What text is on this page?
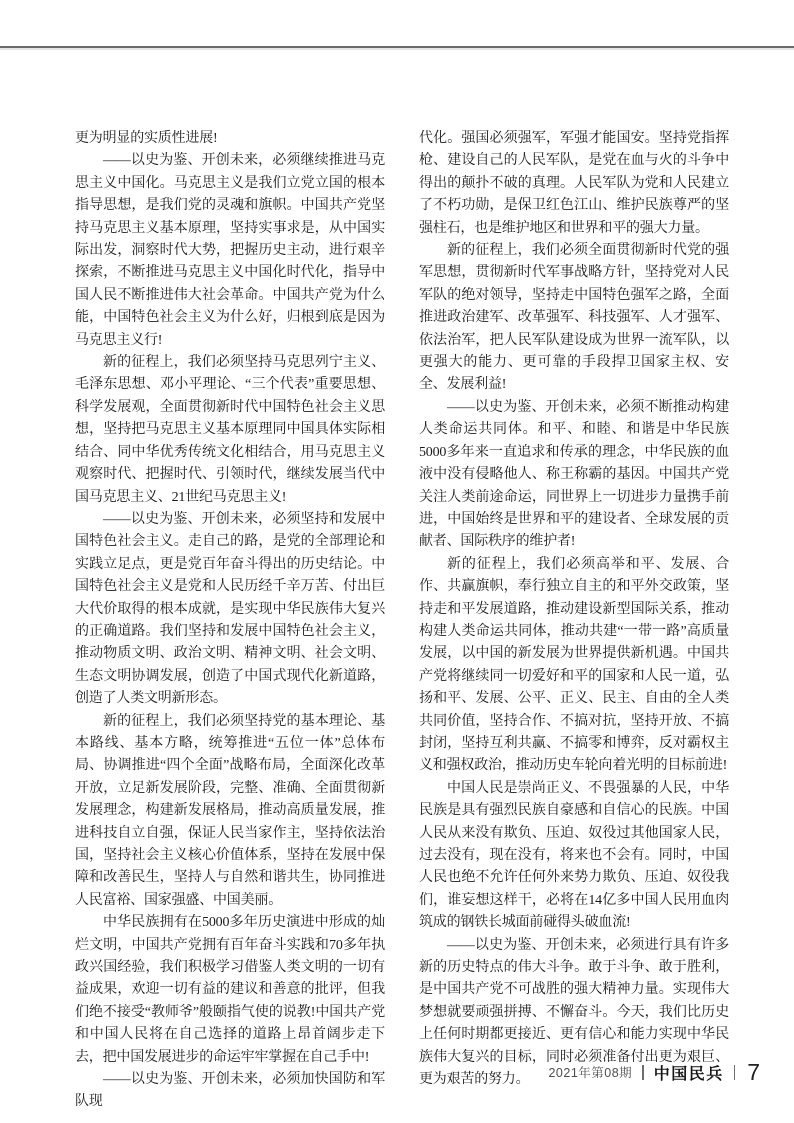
更为明显的实质性进展!

——以史为鉴、开创未来，必须继续推进马克思主义中国化。马克思主义是我们立党立国的根本指导思想，是我们党的灵魂和旗帜。中国共产党坚持马克思主义基本原理，坚持实事求是，从中国实际出发，洞察时代大势，把握历史主动，进行艰辛探索，不断推进马克思主义中国化时代化，指导中国人民不断推进伟大社会革命。中国共产党为什么能，中国特色社会主义为什么好，归根到底是因为马克思主义行!

新的征程上，我们必须坚持马克思列宁主义、毛泽东思想、邓小平理论、“三个代表”重要思想、科学发展观，全面贯彻新时代中国特色社会主义思想，坚持把马克思主义基本原理同中国具体实际相结合、同中华优秀传统文化相结合，用马克思主义观察时代、把握时代、引领时代，继续发展当代中国马克思主义、21世纪马克思主义!

——以史为鉴、开创未来，必须坚持和发展中国特色社会主义。走自己的路，是党的全部理论和实践立足点，更是党百年奋斗得出的历史结论。中国特色社会主义是党和人民历经千辛万苦、付出巨大代价取得的根本成就，是实现中华民族伟大复兴的正确道路。我们坚持和发展中国特色社会主义，推动物质文明、政治文明、精神文明、社会文明、生态文明协调发展，创造了中国式现代化新道路，创造了人类文明新形态。

新的征程上，我们必须坚持党的基本理论、基本路线、基本方略，统筹推进“五位一体”总体布局、协调推进“四个全面”战略布局，全面深化改革开放，立足新发展阶段，完整、准确、全面贯彻新发展理念，构建新发展格局，推动高质量发展，推进科技自立自强，保证人民当家作主，坚持依法治国，坚持社会主义核心价值体系，坚持在发展中保障和改善民生，坚持人与自然和谐共生，协同推进人民富裕、国家强盛、中国美丽。

中华民族拥有在5000多年历史演进中形成的灿烂文明，中国共产党拥有百年奋斗实践和70多年执政兴国经验，我们积极学习借鉴人类文明的一切有益成果，欢迎一切有益的建议和善意的批评，但我们绝不接受“教师爷”般颐指气使的说教!中国共产党和中国人民将在自己选择的道路上昂首阔步走下去，把中国发展进步的命运牢牢掌握在自己手中!

——以史为鉴、开创未来，必须加快国防和军队现

代化。强国必须强军，军强才能国安。坚持党指挥枪、建设自己的人民军队，是党在血与火的斗争中得出的颠扑不破的真理。人民军队为党和人民建立了不朽功勋，是保卫红色江山、维护民族尊严的坚强柱石，也是维护地区和世界和平的强大力量。

新的征程上，我们必须全面贯彻新时代党的强军思想，贯彻新时代军事战略方针，坚持党对人民军队的绝对领导，坚持走中国特色强军之路，全面推进政治建军、改革强军、科技强军、人才强军、依法治军，把人民军队建设成为世界一流军队，以更强大的能力、更可靠的手段捍卫国家主权、安全、发展利益!

——以史为鉴、开创未来，必须不断推动构建人类命运共同体。和平、和睦、和谐是中华民族5000多年来一直追求和传承的理念，中华民族的血液中没有侵略他人、称王称霸的基因。中国共产党关注人类前途命运，同世界上一切进步力量携手前进，中国始终是世界和平的建设者、全球发展的贡献者、国际秩序的维护者!

新的征程上，我们必须高举和平、发展、合作、共赢旗帜，奉行独立自主的和平外交政策，坚持走和平发展道路，推动建设新型国际关系，推动构建人类命运共同体，推动共建“一带一路”高质量发展，以中国的新发展为世界提供新机遇。中国共产党将继续同一切爱好和平的国家和人民一道，弘扬和平、发展、公平、正义、民主、自由的全人类共同价值，坚持合作、不搞对抗，坚持开放、不搞封闭，坚持互利共赢、不搞零和博弈，反对霸权主义和强权政治，推动历史车轮向着光明的目标前进!

中国人民是崇尚正义、不畏强暴的人民，中华民族是具有强烈民族自豪感和自信心的民族。中国人民从来没有欺负、压迫、奴役过其他国家人民，过去没有，现在没有，将来也不会有。同时，中国人民也绝不允许任何外来势力欺负、压迫、奴役我们，谁妄想这样干，必将在14亿多中国人民用血肉筑成的钢铁长城面前碰得头破血流!

——以史为鉴、开创未来，必须进行具有许多新的历史特点的伟大斗争。敢于斗争、敢于胜利，是中国共产党不可战胜的强大精神力量。实现伟大梦想就要顽强拼搏、不懈奋斗。今天，我们比历史上任何时期都更接近、更有信心和能力实现中华民族伟大复兴的目标，同时必须准备付出更为艰巨、更为艰苦的努力。	2021年第08期 中国民兵 7
